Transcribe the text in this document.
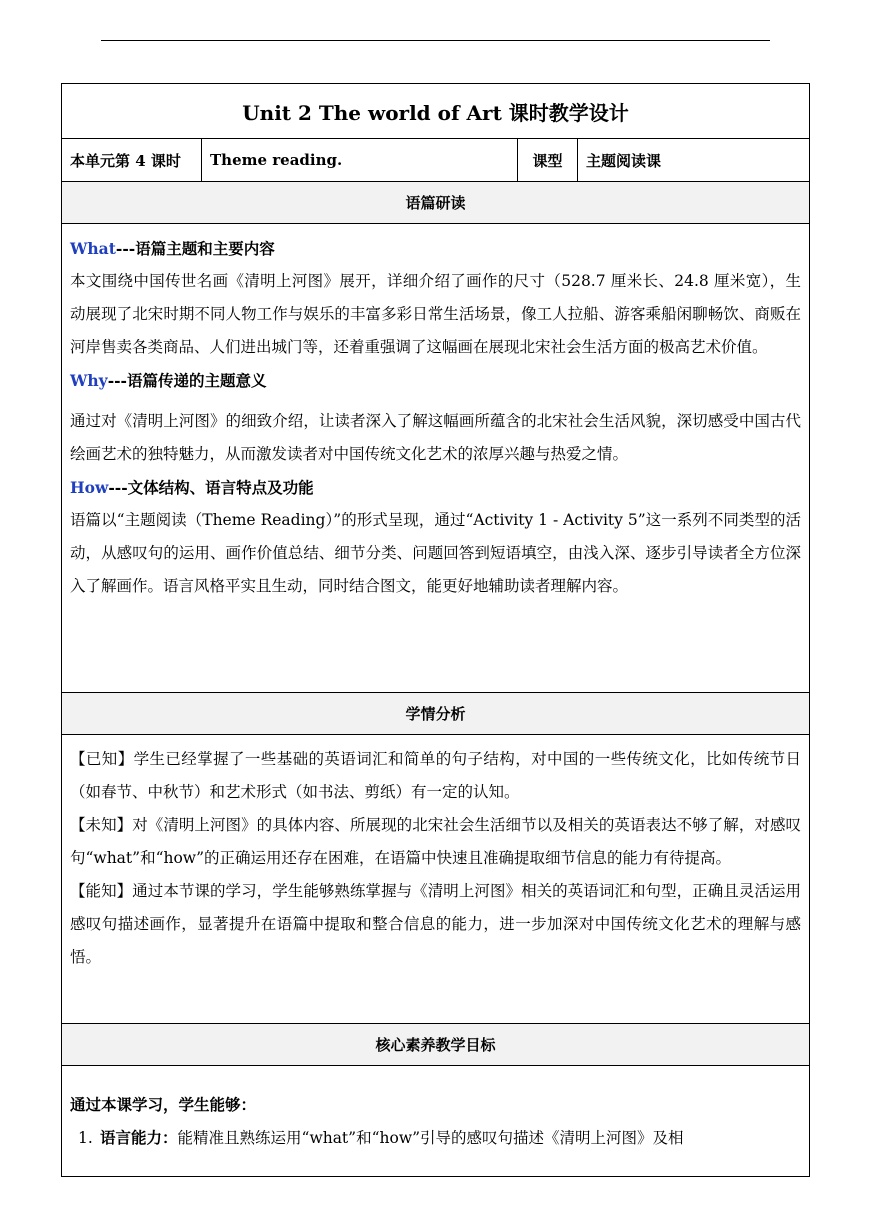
Unit 2 The world of Art 课时教学设计
本单元第 4 课时	Theme reading.	课型	主题阅读课
语篇研读

What---语篇主题和主要内容

本文围绕中国传世名画《清明上河图》展开，详细介绍了画作的尺寸（528.7 厘米长、24.8 厘米宽），生动展现了北宋时期不同人物工作与娱乐的丰富多彩日常生活场景，像工人拉船、游客乘船闲聊畅饮、商贩在河岸售卖各类商品、人们进出城门等，还着重强调了这幅画在展现北宋社会生活方面的极高艺术价值。

Why---语篇传递的主题意义

通过对《清明上河图》的细致介绍，让读者深入了解这幅画所蕴含的北宋社会生活风貌，深切感受中国古代绘画艺术的独特魅力，从而激发读者对中国传统文化艺术的浓厚兴趣与热爱之情。

How---文体结构、语言特点及功能

语篇以“主题阅读（Theme Reading）”的形式呈现，通过“Activity 1 - Activity 5”这一系列不同类型的活动，从感叹句的运用、画作价值总结、细节分类、问题回答到短语填空，由浅入深、逐步引导读者全方位深入了解画作。语言风格平实且生动，同时结合图文，能更好地辅助读者理解内容。

学情分析

【已知】学生已经掌握了一些基础的英语词汇和简单的句子结构，对中国的一些传统文化，比如传统节日（如春节、中秋节）和艺术形式（如书法、剪纸）有一定的认知。

【未知】对《清明上河图》的具体内容、所展现的北宋社会生活细节以及相关的英语表达不够了解，对感叹句“what”和“how”的正确运用还存在困难，在语篇中快速且准确提取细节信息的能力有待提高。

【能知】通过本节课的学习，学生能够熟练掌握与《清明上河图》相关的英语词汇和句型，正确且灵活运用感叹句描述画作，显著提升在语篇中提取和整合信息的能力，进一步加深对中国传统文化艺术的理解与感悟。

核心素养教学目标

通过本课学习，学生能够：

1. 语言能力：能精准且熟练运用“what”和“how”引导的感叹句描述《清明上河图》及相
